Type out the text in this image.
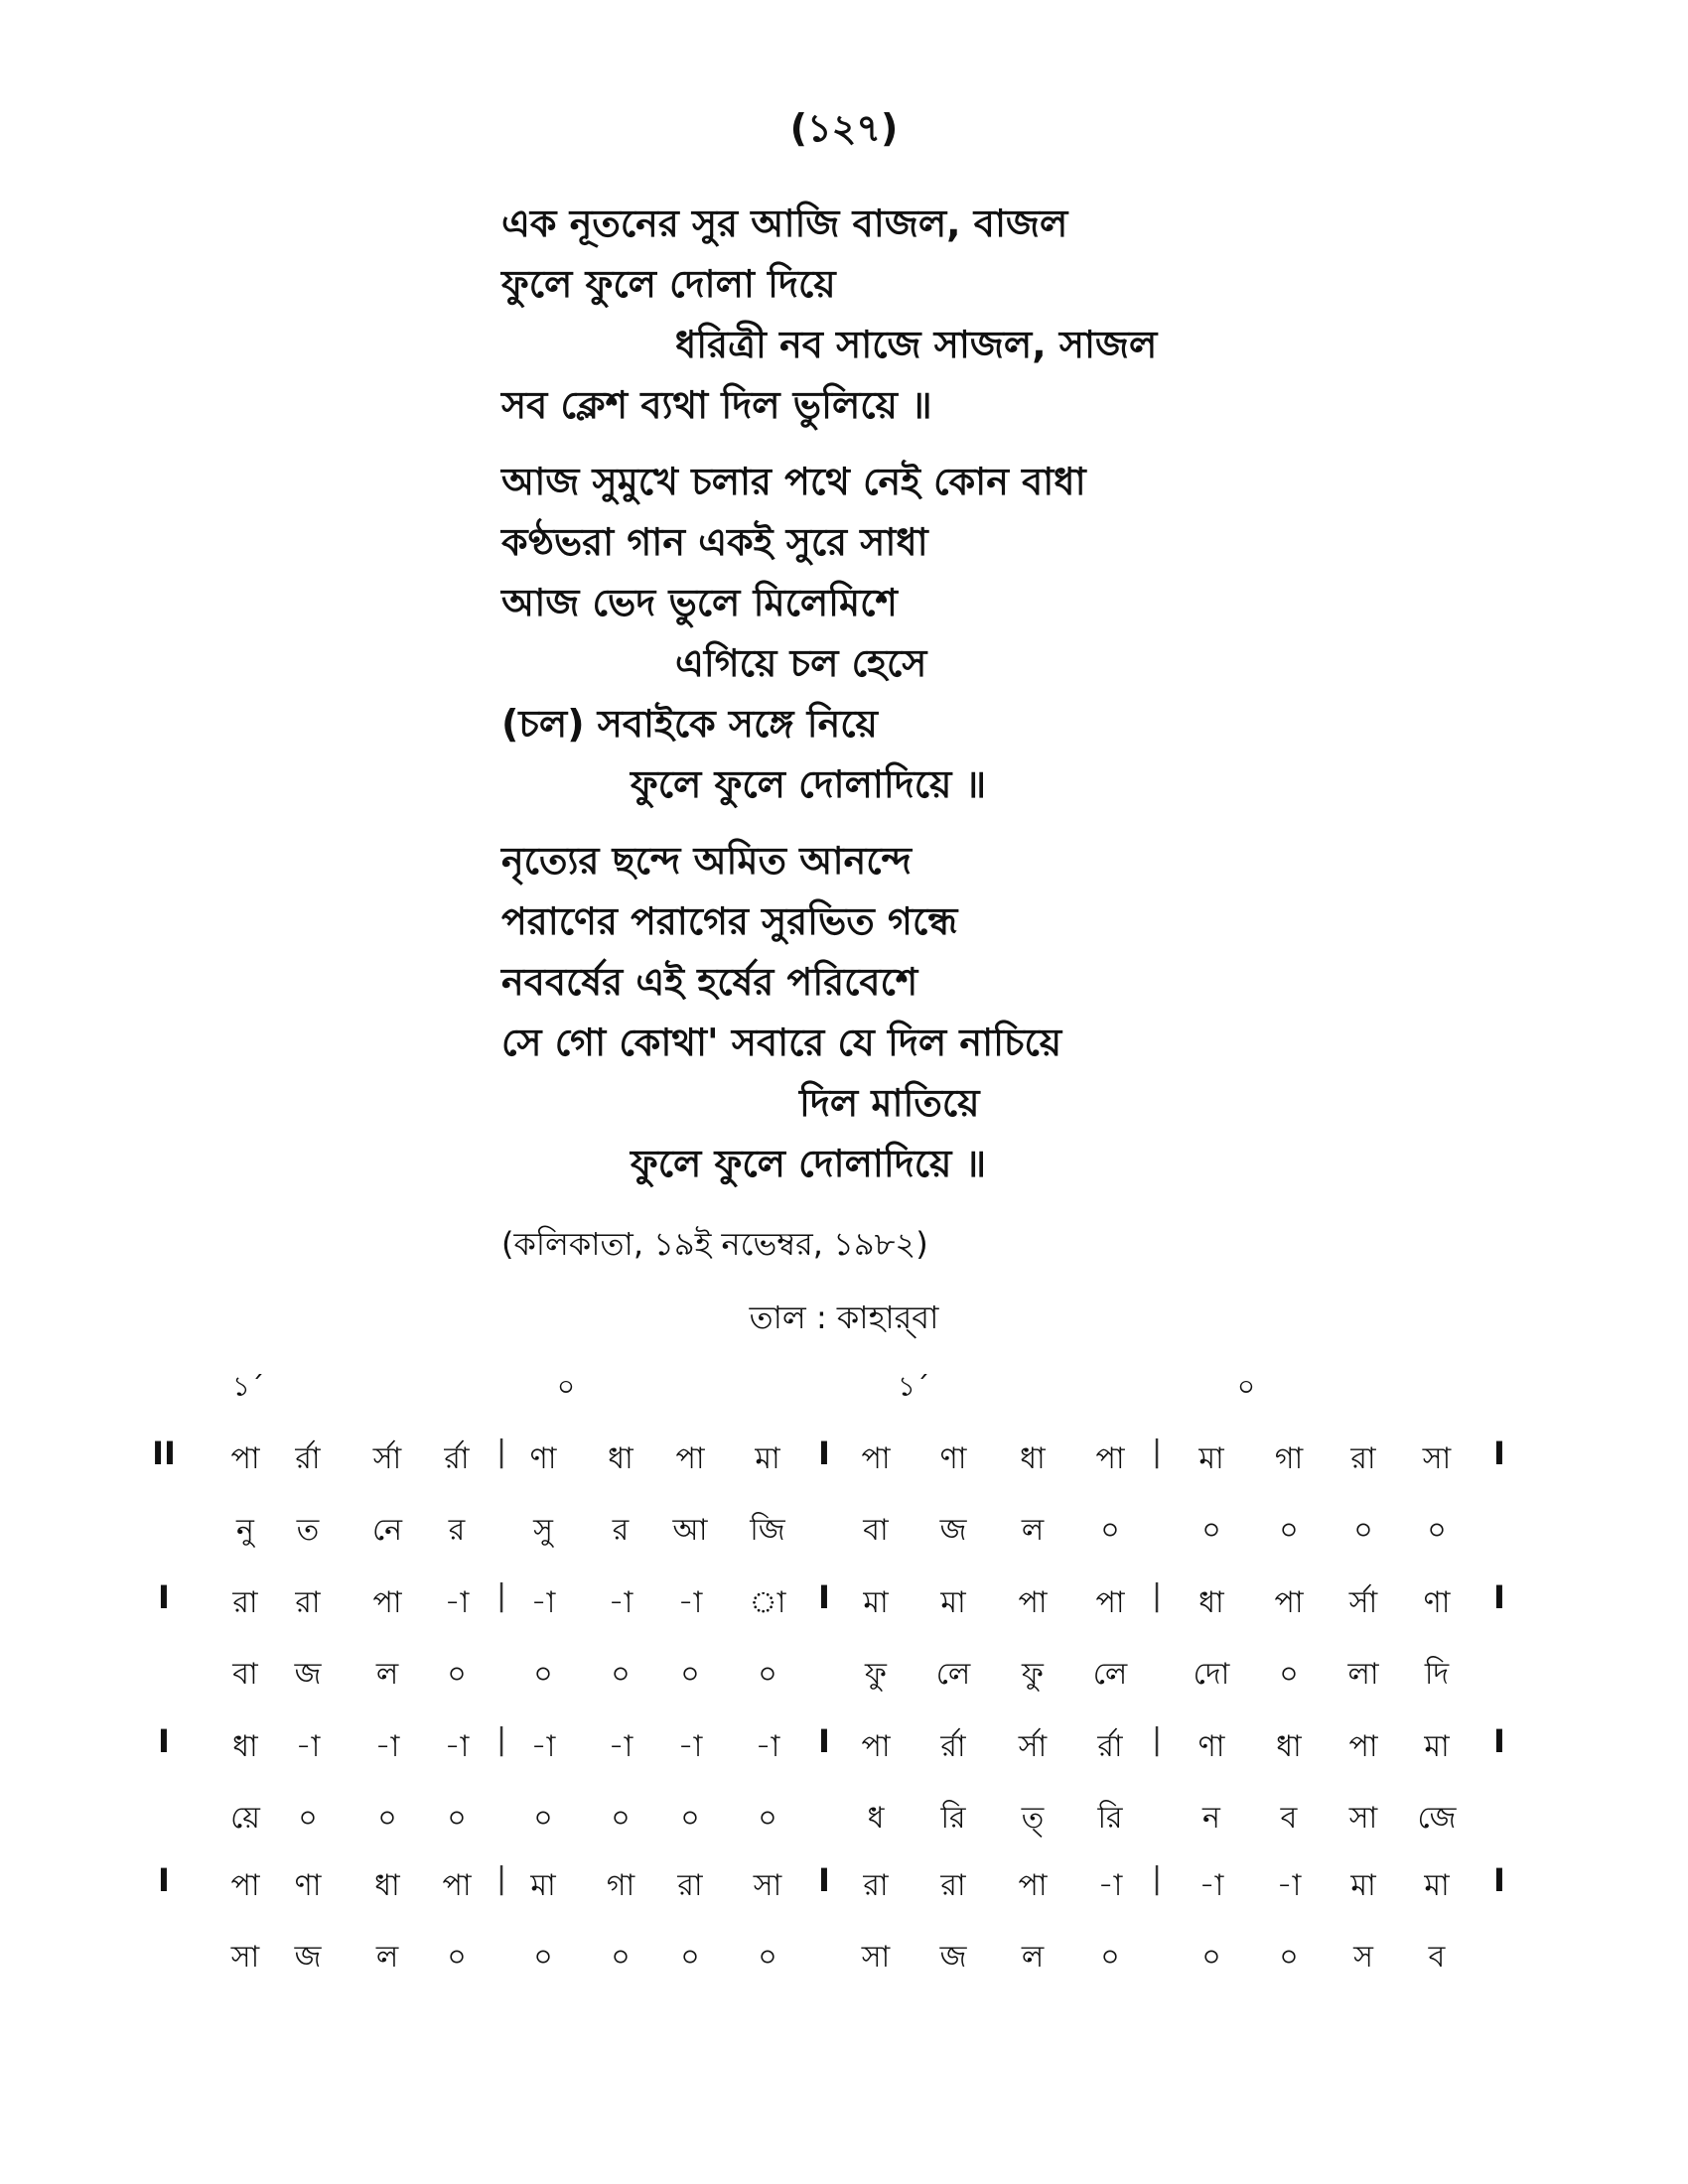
(১২৭)
এক নূতনের সুর আজি বাজল, বাজল
ফুলে ফুলে দোলা দিয়ে
ধরিত্রী নব সাজে সাজল, সাজল
সব ক্লেশ ব্যথা দিল ভুলিয়ে ॥
আজ সুমুখে চলার পথে নেই কোন বাধা
কণ্ঠভরা গান একই সুরে সাধা
আজ ভেদ ভুলে মিলেমিশে
এগিয়ে চল হেসে
(চল) সবাইকে সঙ্গে নিয়ে
ফুলে ফুলে দোলাদিয়ে ॥
নৃত্যের ছন্দে অমিত আনন্দে
পরাণের পরাগের সুরভিত গন্ধে
নববর্ষের এই হর্ষের পরিবেশে
সে গো কোথা' সবারে যে দিল নাচিয়ে
দিল মাতিয়ে
ফুলে ফুলে দোলাদিয়ে ॥
(কলিকাতা, ১৯ই নভেম্বর, ১৯৮২)
তাল : কাহার্‌বা
১´	০	১´	০
II	I	I
|	|
পা র্রা র্সা র্রা ণা ধা পা মা	পা ণা ধা পা মা গা রা সা
নু ত নে র সু র আ জি	বা জ ল ০	০ ০ ০ ০
I	I	I
|	|
রা রা পা -া -া -া -া া	মা মা পা পা ধা পা র্সা ণা
বা জ ল ০ ০ ০ ০ ০	ফু লে ফু লে দো ০ লা দি
I	I	I
|	|
ধা -া -া -া -া -া -া -া	পা র্রা র্সা র্রা	ণা ধা পা মা
য়ে ০ ০ ০ ০ ০ ০ ০	ধ রি ত্ রি	ন ব সা জে
I	I	I
|	|
পা ণা ধা পা মা গা রা সা	রা রা পা -া	-া -া মা মা
সা জ ল ০ ০ ০ ০ ০	সা জ ল ০	০ ০ স ব
